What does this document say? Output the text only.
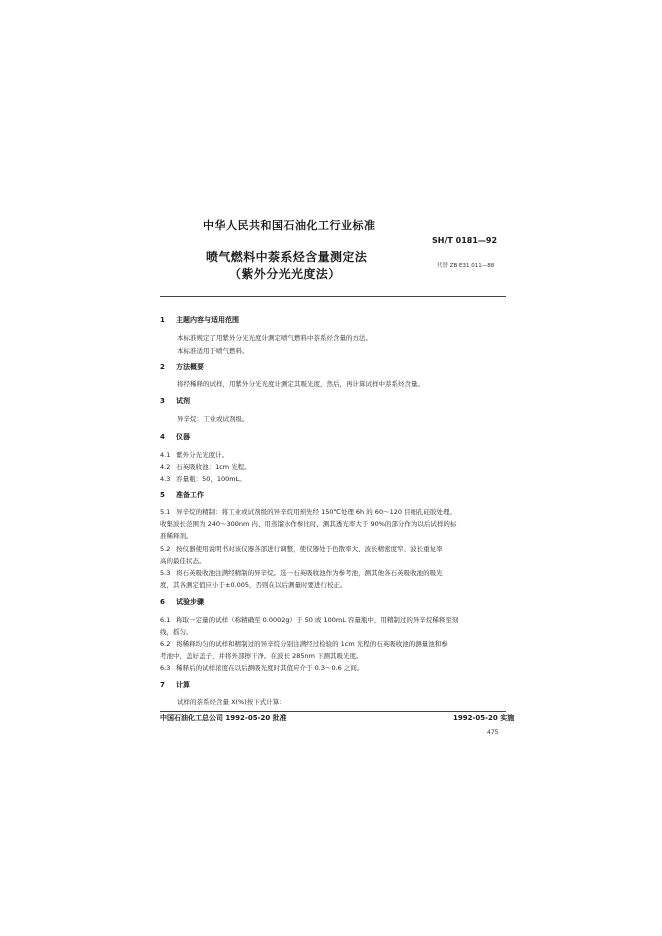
中华人民共和国石油化工行业标准
SH/T 0181—92
喷气燃料中萘系烃含量测定法
（紫外分光光度法）
代替 ZB E31 011—88
1 主题内容与适用范围
本标准规定了用紫外分光光度计测定喷气燃料中萘系烃含量的方法。
本标准适用于喷气燃料。
2 方法概要
将经稀释的试样，用紫外分光光度计测定其吸光度，然后，再计算试样中萘系烃含量。
3 试剂
异辛烷：工业或试剂级。
4 仪器
4.1 紫外分光光度计。
4.2 石英吸收池：1cm 光程。
4.3 容量瓶：50，100mL。
5 准备工作
5.1 异辛烷的精制：将工业或试剂级的异辛烷用预先经 150℃处理 6h 的 60～120 目细孔硅胶处理。
收集波长范围为 240～300nm 内、用蒸馏水作参比时，测其透光率大于 90%的部分作为以后试样的标
准稀释剂。
5.2 按仪器使用说明书对该仪器各部进行调整，使仪器处于色散率大、波长精密度窄、波长重复率
高的最佳状态。
5.3 将石英吸收池注满经精制的异辛烷。选一石英吸收池作为参考池，测其他各石英吸收池的吸光
度，其各测定值应小于±0.005，否则在以后测量时要进行校正。
6 试验步骤
6.1 称取一定量的试样（称精确至 0.0002g）于 50 或 100mL 容量瓶中，用精制过的异辛烷稀释至刻
线，摇匀。
6.2 将稀释均匀的试样和精制过的异辛烷分别注满经过检验的 1cm 光程的石英吸收池的测量池和参
考池中，盖好盖子，并将外部擦干净。在波长 285nm 下测其吸光度。
6.3 稀释后的试样浓度在以后测吸光度时其值应介于 0.3～0.6 之间。
7 计算
试样的萘系烃含量 X(%)按下式计算：
中国石油化工总公司 1992-05-20 批准	1992-05-20 实施
475
